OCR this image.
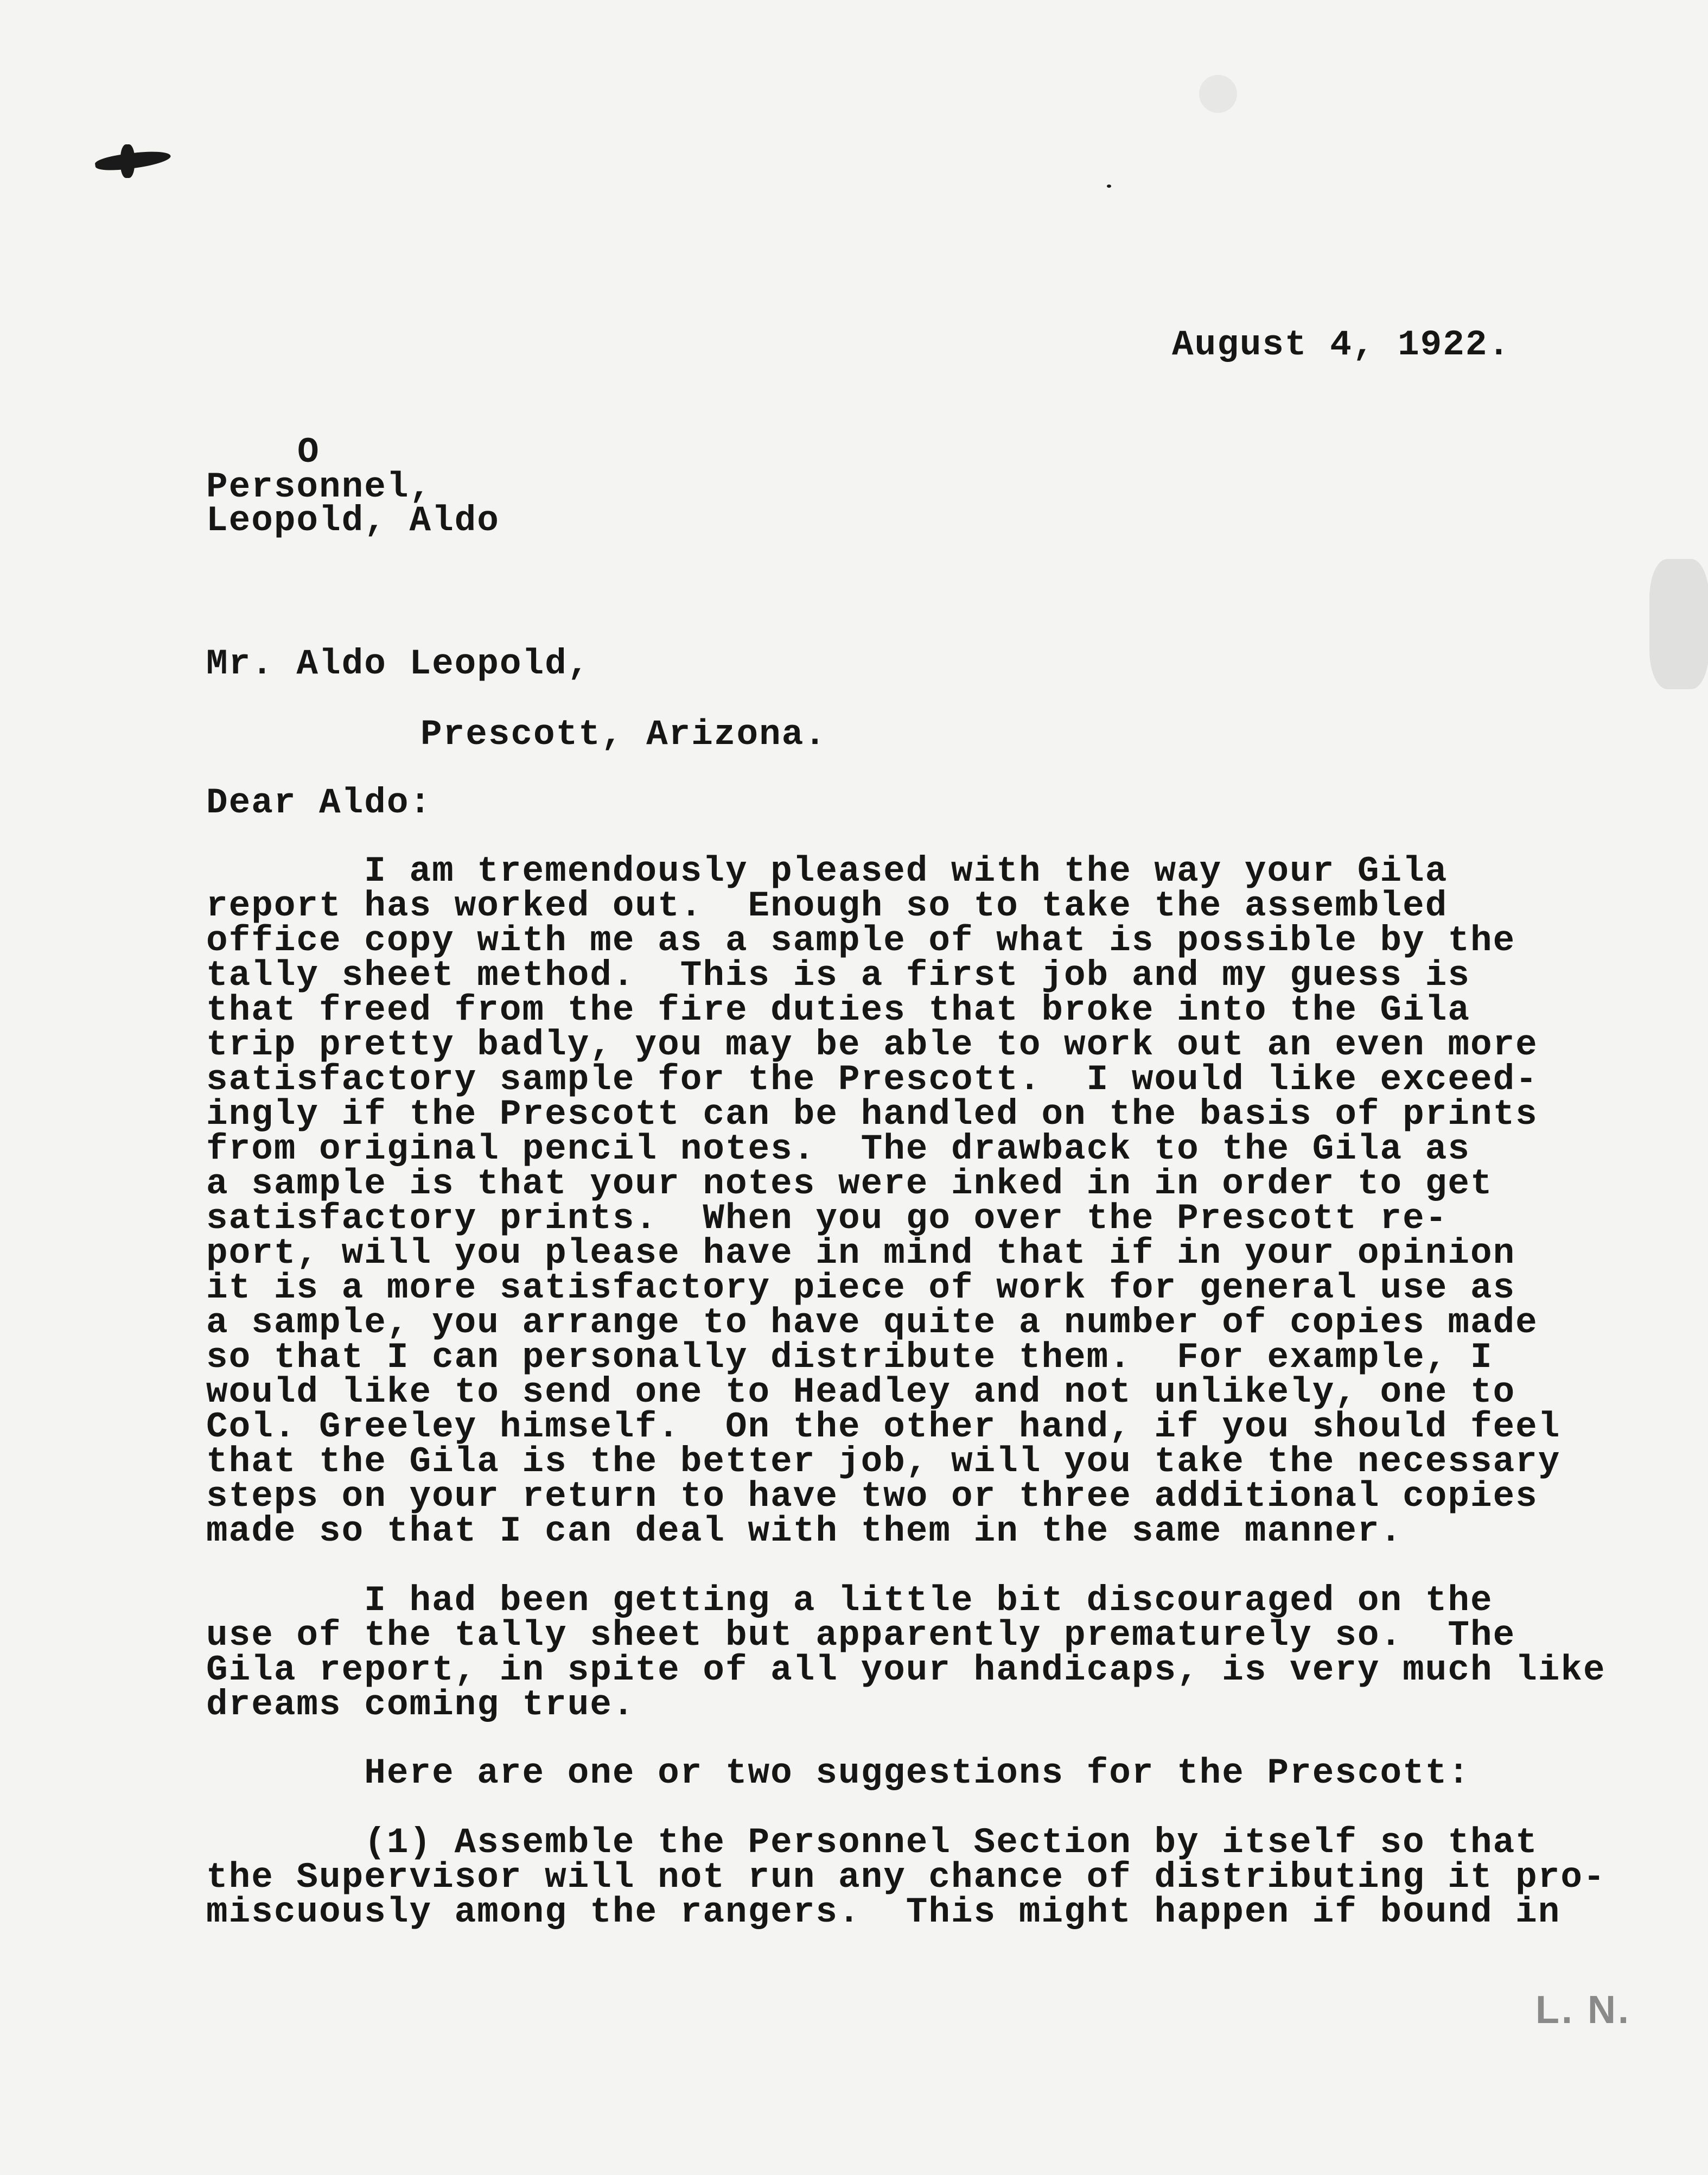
August 4, 1922.
O
Personnel,
Leopold, Aldo
Mr. Aldo Leopold,
Prescott, Arizona.
Dear Aldo:
I am tremendously pleased with the way your Gila
report has worked out.  Enough so to take the assembled
office copy with me as a sample of what is possible by the
tally sheet method.  This is a first job and my guess is
that freed from the fire duties that broke into the Gila
trip pretty badly, you may be able to work out an even more
satisfactory sample for the Prescott.  I would like exceed-
ingly if the Prescott can be handled on the basis of prints
from original pencil notes.  The drawback to the Gila as
a sample is that your notes were inked in in order to get
satisfactory prints.  When you go over the Prescott re-
port, will you please have in mind that if in your opinion
it is a more satisfactory piece of work for general use as
a sample, you arrange to have quite a number of copies made
so that I can personally distribute them.  For example, I
would like to send one to Headley and not unlikely, one to
Col. Greeley himself.  On the other hand, if you should feel
that the Gila is the better job, will you take the necessary
steps on your return to have two or three additional copies
made so that I can deal with them in the same manner.
I had been getting a little bit discouraged on the
use of the tally sheet but apparently prematurely so.  The
Gila report, in spite of all your handicaps, is very much like
dreams coming true.
Here are one or two suggestions for the Prescott:
(1) Assemble the Personnel Section by itself so that
the Supervisor will not run any chance of distributing it pro-
miscuously among the rangers.  This might happen if bound in
L. N.
